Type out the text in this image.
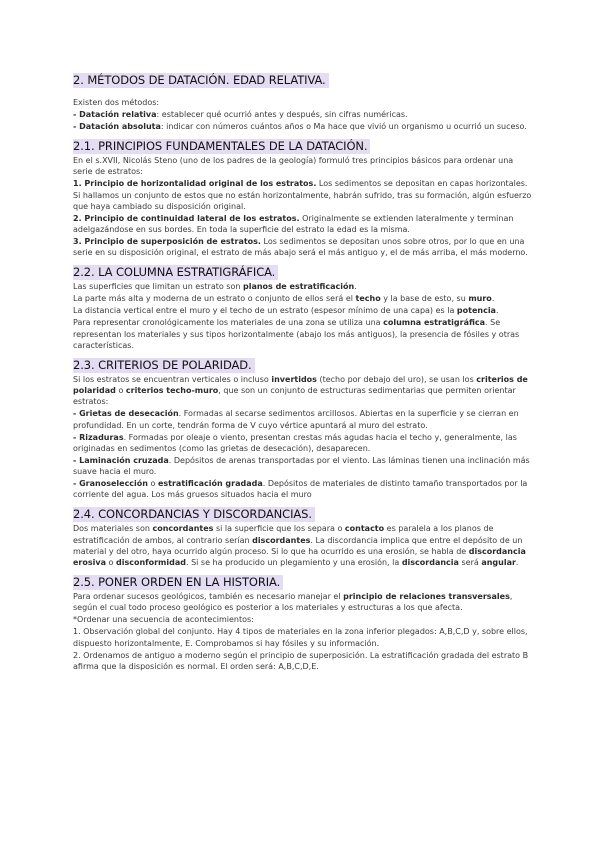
2. MÉTODOS DE DATACIÓN. EDAD RELATIVA.

Existen dos métodos:

- Datación relativa: establecer qué ocurrió antes y después, sin cifras numéricas.

- Datación absoluta: indicar con números cuántos años o Ma hace que vivió un organismo u ocurrió un suceso.

2.1. PRINCIPIOS FUNDAMENTALES DE LA DATACIÓN.

En el s.XVII, Nicolás Steno (uno de los padres de la geología) formuló tres principios básicos para ordenar una serie de estratos:

1. Principio de horizontalidad original de los estratos. Los sedimentos se depositan en capas horizontales. Si hallamos un conjunto de estos que no están horizontalmente, habrán sufrido, tras su formación, algún esfuerzo que haya cambiado su disposición original.

2. Principio de continuidad lateral de los estratos. Originalmente se extienden lateralmente y terminan adelgazándose en sus bordes. En toda la superficie del estrato la edad es la misma.

3. Principio de superposición de estratos. Los sedimentos se depositan unos sobre otros, por lo que en una serie en su disposición original, el estrato de más abajo será el más antiguo y, el de más arriba, el más moderno.

2.2. LA COLUMNA ESTRATIGRÁFICA.

Las superficies que limitan un estrato son planos de estratificación.

La parte más alta y moderna de un estrato o conjunto de ellos será el techo y la base de esto, su muro.

La distancia vertical entre el muro y el techo de un estrato (espesor mínimo de una capa) es la potencia.

Para representar cronológicamente los materiales de una zona se utiliza una columna estratigráfica. Se representan los materiales y sus tipos horizontalmente (abajo los más antiguos), la presencia de fósiles y otras características.

2.3. CRITERIOS DE POLARIDAD.

Si los estratos se encuentran verticales o incluso invertidos (techo por debajo del uro), se usan los criterios de polaridad o criterios techo-muro, que son un conjunto de estructuras sedimentarias que permiten orientar estratos:

- Grietas de desecación. Formadas al secarse sedimentos arcillosos. Abiertas en la superficie y se cierran en profundidad. En un corte, tendrán forma de V cuyo vértice apuntará al muro del estrato.

- Rizaduras. Formadas por oleaje o viento, presentan crestas más agudas hacia el techo y, generalmente, las originadas en sedimentos (como las grietas de desecación), desaparecen.

- Laminación cruzada. Depósitos de arenas transportadas por el viento. Las láminas tienen una inclinación más suave hacia el muro.

- Granoselección o estratificación gradada. Depósitos de materiales de distinto tamaño transportados por la corriente del agua. Los más gruesos situados hacia el muro

2.4. CONCORDANCIAS Y DISCORDANCIAS.

Dos materiales son concordantes si la superficie que los separa o contacto es paralela a los planos de estratificación de ambos, al contrario serían discordantes. La discordancia implica que entre el depósito de un material y del otro, haya ocurrido algún proceso. Si lo que ha ocurrido es una erosión, se habla de discordancia erosiva o disconformidad. Si se ha producido un plegamiento y una erosión, la discordancia será angular.

2.5. PONER ORDEN EN LA HISTORIA.

Para ordenar sucesos geológicos, también es necesario manejar el principio de relaciones transversales, según el cual todo proceso geológico es posterior a los materiales y estructuras a los que afecta.

*Ordenar una secuencia de acontecimientos:

1. Observación global del conjunto. Hay 4 tipos de materiales en la zona inferior plegados: A,B,C,D y, sobre ellos, dispuesto horizontalmente, E. Comprobamos si hay fósiles y su información.

2. Ordenamos de antiguo a moderno según el principio de superposición. La estratificación gradada del estrato B afirma que la disposición es normal. El orden será: A,B,C,D,E.
